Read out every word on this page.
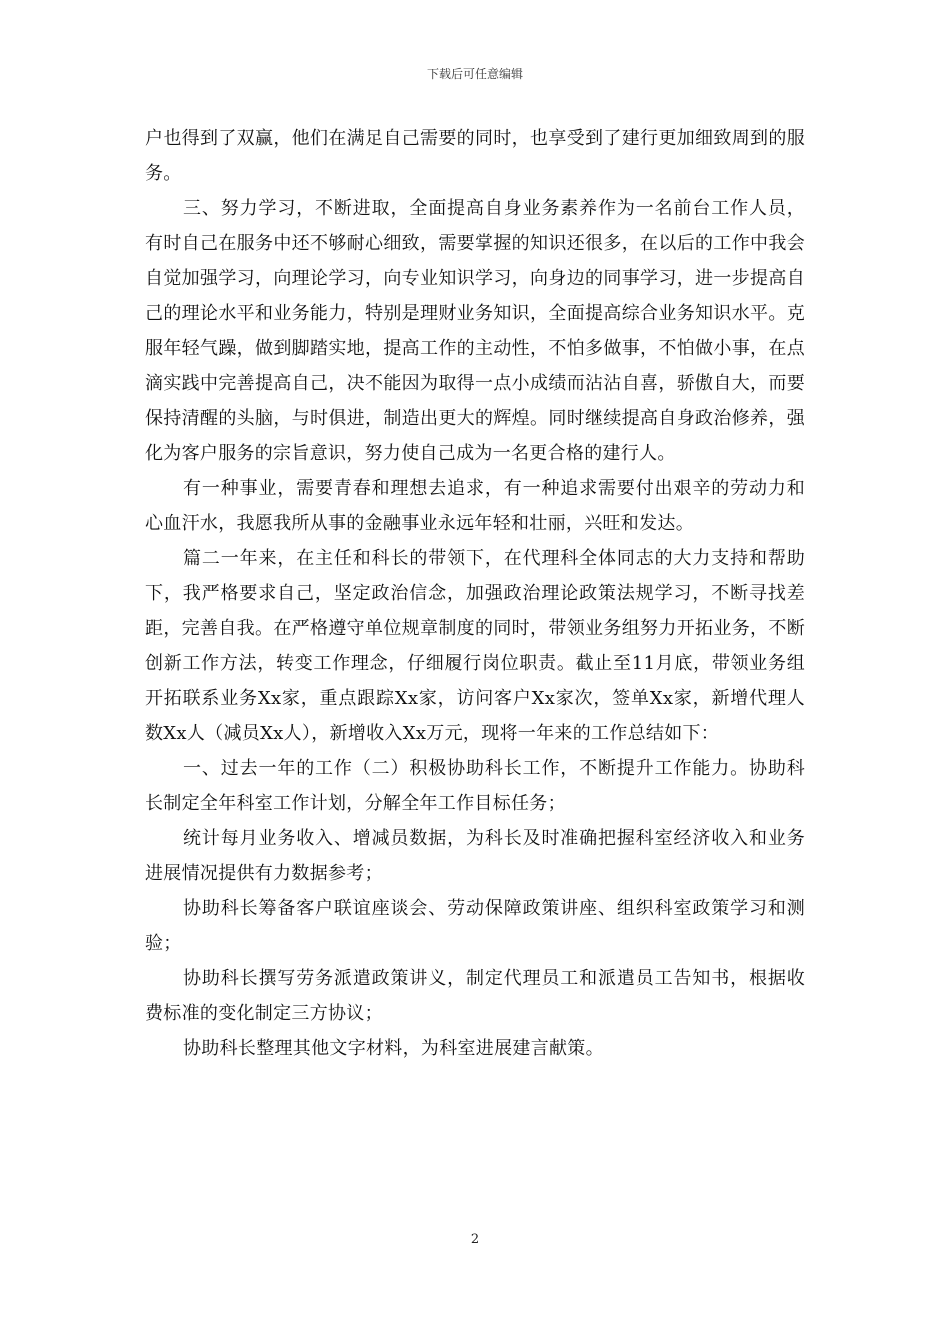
下载后可任意编辑

户也得到了双赢，他们在满足自己需要的同时，也享受到了建行更加细致周到的服务。

三、努力学习，不断进取，全面提高自身业务素养作为一名前台工作人员，有时自己在服务中还不够耐心细致，需要掌握的知识还很多，在以后的工作中我会自觉加强学习，向理论学习，向专业知识学习，向身边的同事学习，进一步提高自己的理论水平和业务能力，特别是理财业务知识，全面提高综合业务知识水平。克服年轻气躁，做到脚踏实地，提高工作的主动性，不怕多做事，不怕做小事，在点滴实践中完善提高自己，决不能因为取得一点小成绩而沾沾自喜，骄傲自大，而要保持清醒的头脑，与时俱进，制造出更大的辉煌。同时继续提高自身政治修养，强化为客户服务的宗旨意识，努力使自己成为一名更合格的建行人。

有一种事业，需要青春和理想去追求，有一种追求需要付出艰辛的劳动力和心血汗水，我愿我所从事的金融事业永远年轻和壮丽，兴旺和发达。

篇二一年来，在主任和科长的带领下，在代理科全体同志的大力支持和帮助下，我严格要求自己，坚定政治信念，加强政治理论政策法规学习，不断寻找差距，完善自我。在严格遵守单位规章制度的同时，带领业务组努力开拓业务，不断创新工作方法，转变工作理念，仔细履行岗位职责。截止至11月底，带领业务组开拓联系业务Xx家，重点跟踪Xx家，访问客户Xx家次，签单Xx家，新增代理人数Xx人（减员Xx人），新增收入Xx万元，现将一年来的工作总结如下：

一、过去一年的工作（二）积极协助科长工作，不断提升工作能力。协助科长制定全年科室工作计划，分解全年工作目标任务；

统计每月业务收入、增减员数据，为科长及时准确把握科室经济收入和业务进展情况提供有力数据参考；

协助科长筹备客户联谊座谈会、劳动保障政策讲座、组织科室政策学习和测验；

协助科长撰写劳务派遣政策讲义，制定代理员工和派遣员工告知书，根据收费标准的变化制定三方协议；

协助科长整理其他文字材料，为科室进展建言献策。

2
